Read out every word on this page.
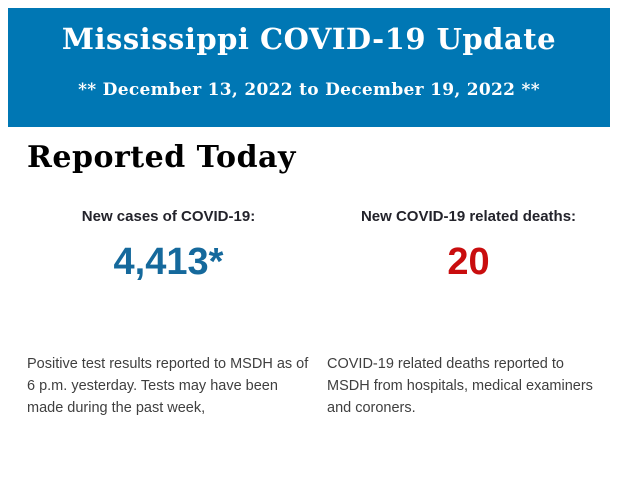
Mississippi COVID-19 Update
** December 13, 2022 to December 19, 2022 **
Reported Today
New cases of COVID-19:
4,413*
New COVID-19 related deaths:
20

Positive test results reported to MSDH as of 6 p.m. yesterday. Tests may have been made during the past week,

COVID-19 related deaths reported to MSDH from hospitals, medical examiners and coroners.
